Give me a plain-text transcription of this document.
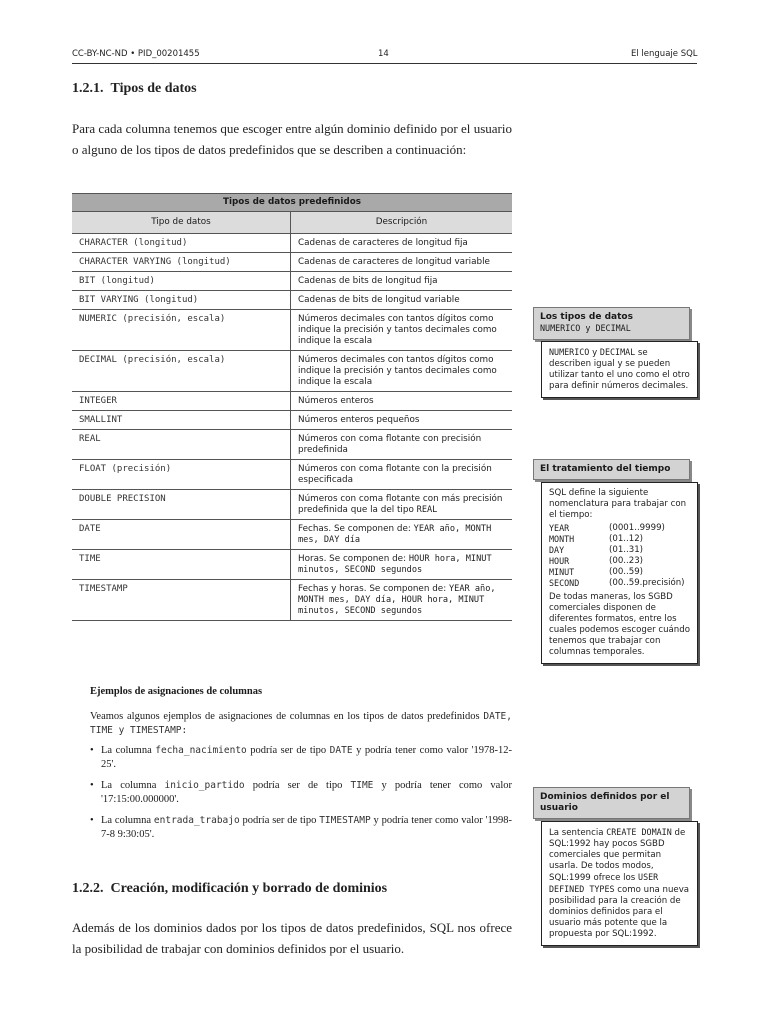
CC-BY-NC-ND • PID_00201455	14	El lenguaje SQL
1.2.1. Tipos de datos
Para cada columna tenemos que escoger entre algún dominio definido por el usuario o alguno de los tipos de datos predefinidos que se describen a continuación:
Tipos de datos predefinidos	
Tipo de datos	Descripción
CHARACTER (longitud)	Cadenas de caracteres de longitud fija
CHARACTER VARYING (longitud)	Cadenas de caracteres de longitud variable
BIT (longitud)	Cadenas de bits de longitud fija
BIT VARYING (longitud)	Cadenas de bits de longitud variable
NUMERIC (precisión, escala)	Números decimales con tantos dígitos como indique la precisión y tantos decimales como indique la escala
DECIMAL (precisión, escala)	Números decimales con tantos dígitos como indique la precisión y tantos decimales como indique la escala
INTEGER	Números enteros
SMALLINT	Números enteros pequeños
REAL	Números con coma flotante con precisión predefinida
FLOAT (precisión)	Números con coma flotante con la precisión especificada
DOUBLE PRECISION	Números con coma flotante con más precisión predefinida que la del tipo REAL
DATE	Fechas. Se componen de: YEAR año, MONTH mes, DAY día
TIME	Horas. Se componen de: HOUR hora, MINUT minutos, SECOND segundos
TIMESTAMP	Fechas y horas. Se componen de: YEAR año, MONTH mes, DAY día, HOUR hora, MINUT minutos, SECOND segundos
Ejemplos de asignaciones de columnas
Veamos algunos ejemplos de asignaciones de columnas en los tipos de datos predefinidos DATE, TIME y TIMESTAMP:
• La columna fecha_nacimiento podría ser de tipo DATE y podría tener como valor '1978-12-25'.
• La columna inicio_partido podría ser de tipo TIME y podría tener como valor '17:15:00.000000'.
• La columna entrada_trabajo podría ser de tipo TIMESTAMP y podría tener como valor '1998-7-8 9:30:05'.
1.2.2. Creación, modificación y borrado de dominios
Además de los dominios dados por los tipos de datos predefinidos, SQL nos ofrece la posibilidad de trabajar con dominios definidos por el usuario.
Los tipos de datos
NUMERICO y DECIMAL
NUMERICO y DECIMAL se describen igual y se pueden utilizar tanto el uno como el otro para definir números decimales.
El tratamiento del tiempo
SQL define la siguiente nomenclatura para trabajar con el tiempo:
YEAR	(0001..9999)
MONTH	(01..12)
DAY	(01..31)
HOUR	(00..23)
MINUT	(00..59)
SECOND	(00..59.precisión)
De todas maneras, los SGBD comerciales disponen de diferentes formatos, entre los cuales podemos escoger cuándo tenemos que trabajar con columnas temporales.
Dominios definidos por el usuario
La sentencia CREATE DOMAIN de SQL:1992 hay pocos SGBD comerciales que permitan usarla. De todos modos, SQL:1999 ofrece los USER DEFINED TYPES como una nueva posibilidad para la creación de dominios definidos para el usuario más potente que la propuesta por SQL:1992.
